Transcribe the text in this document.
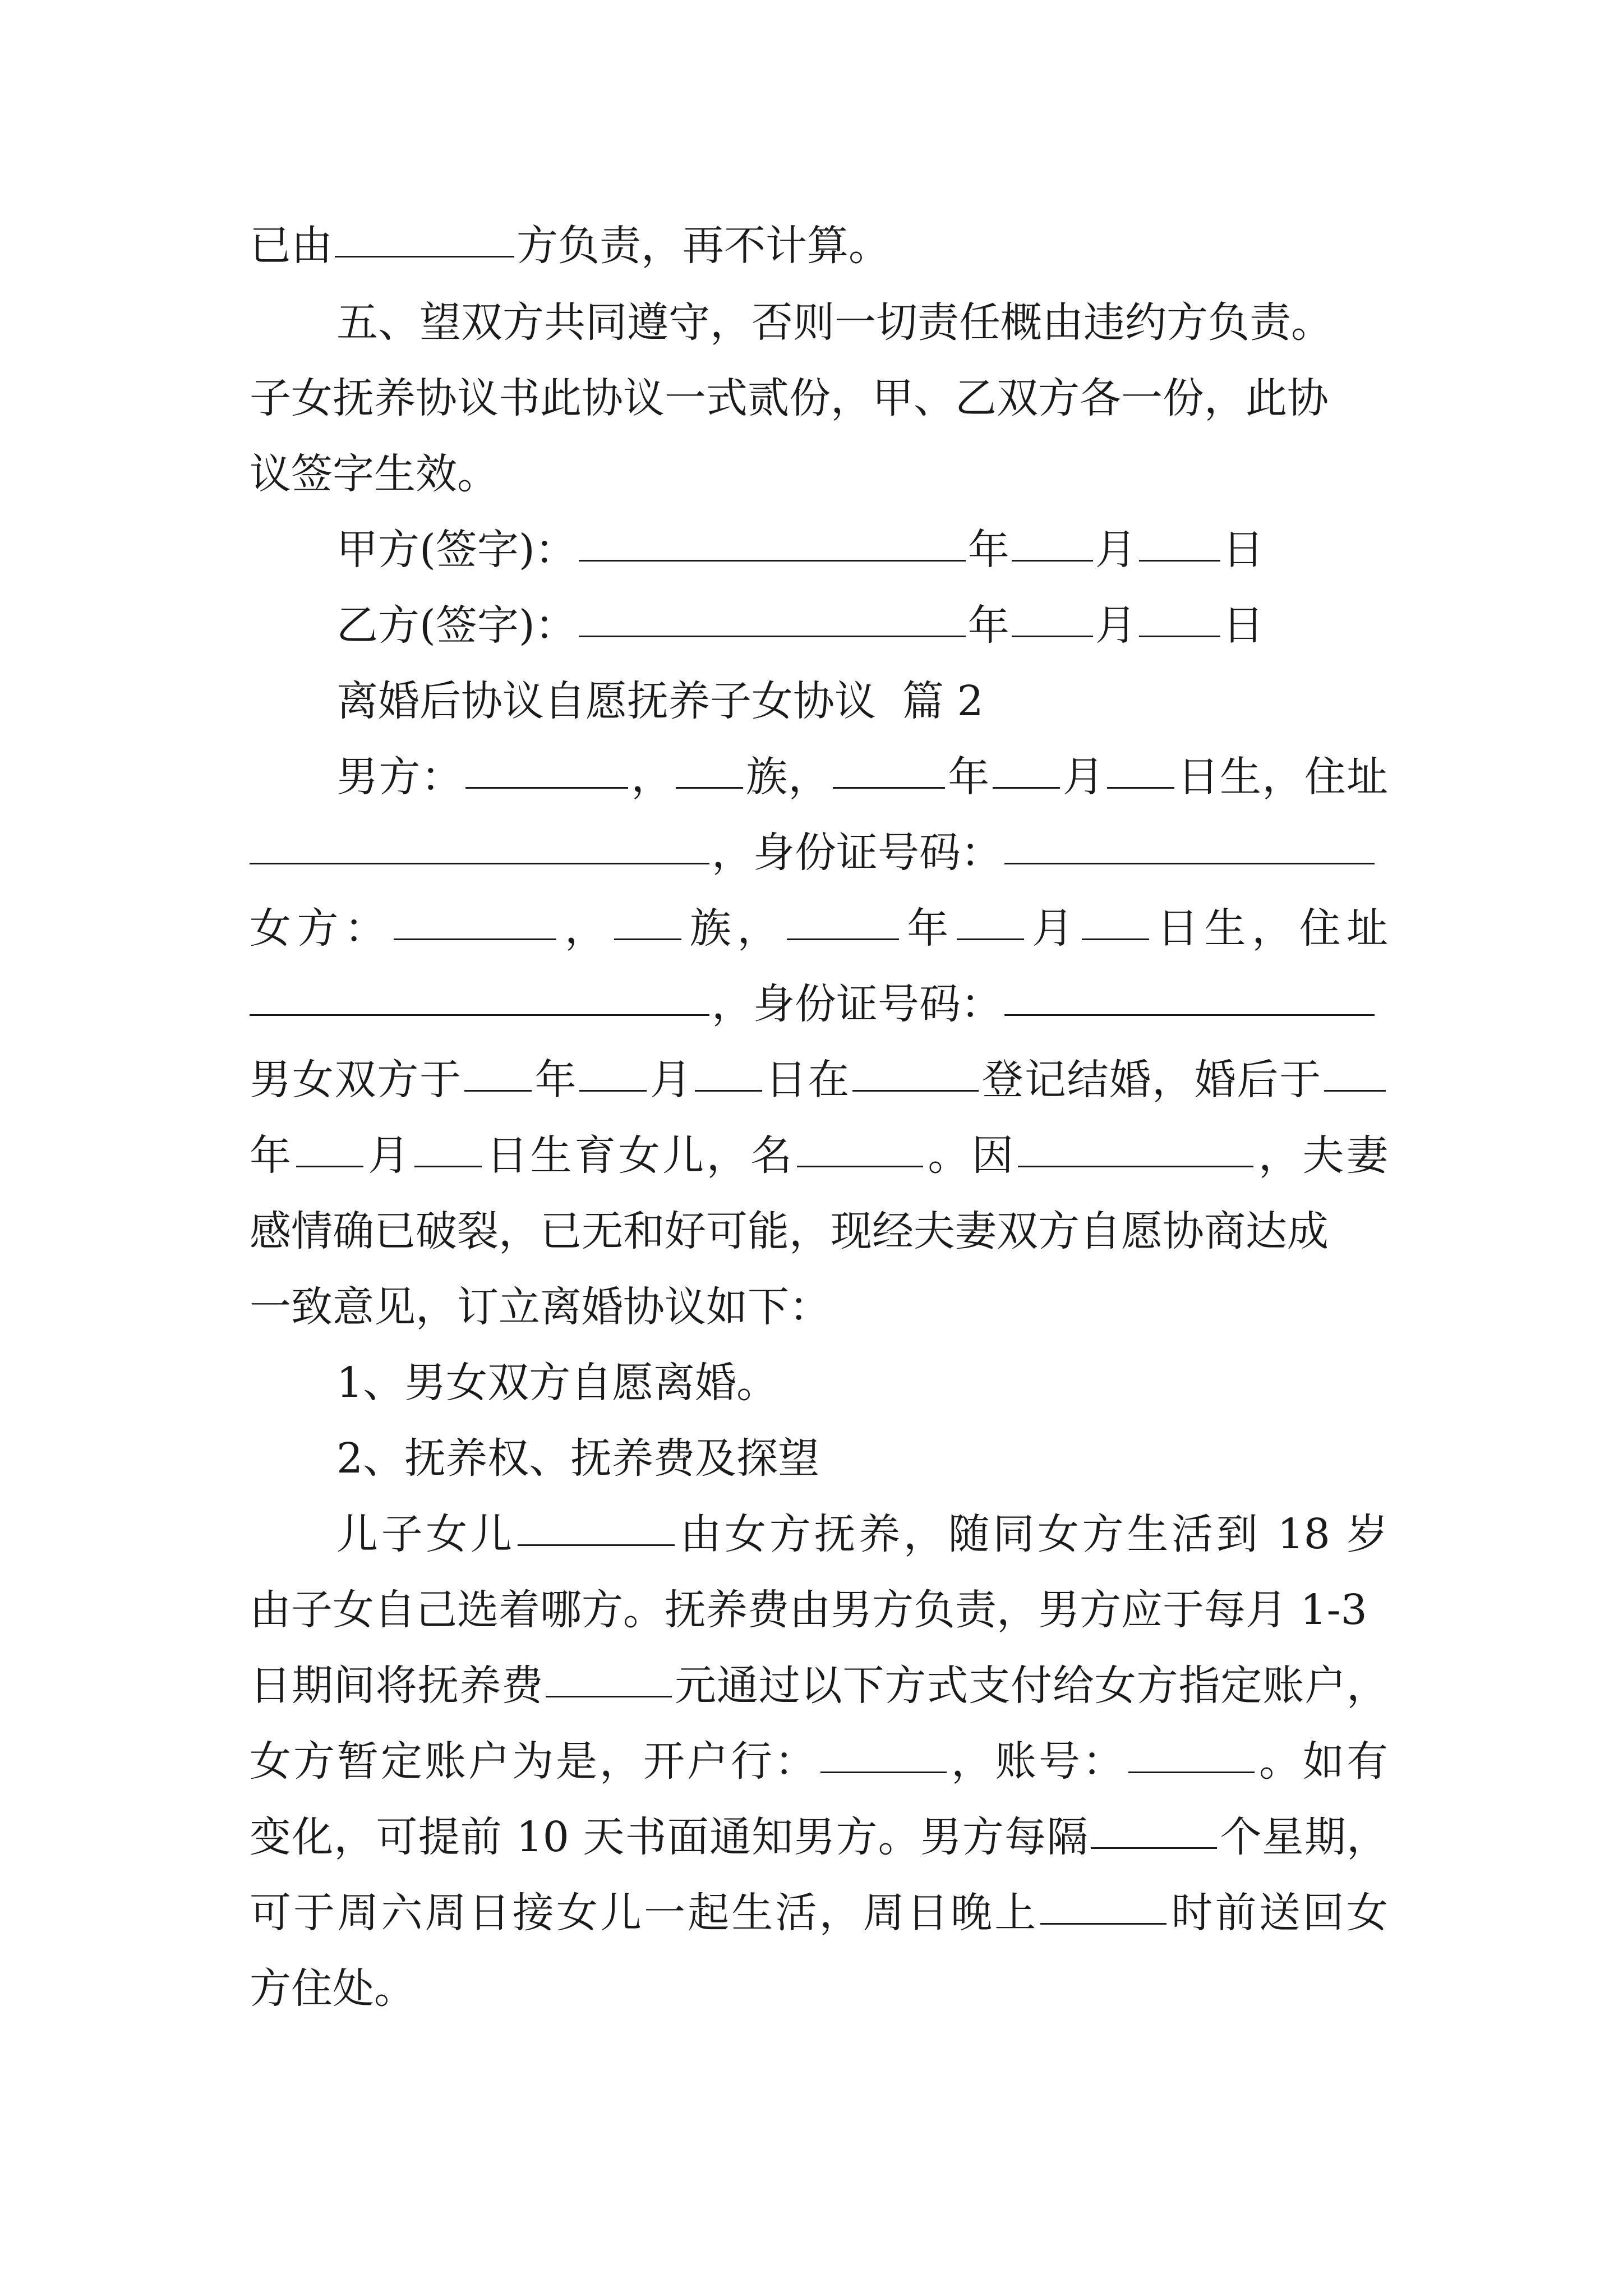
已由	方负责，再不计算。
五、望双方共同遵守，否则一切责任概由违约方负责。
子女抚养协议书此协议一式贰份，甲、乙双方各一份，此协
议签字生效。
甲方(签字)：	年 月 日
乙方(签字)：	年 月 日
离婚后协议自愿抚养子女协议  篇 2
男方：	， 族，	年 月 日生，住址
，身份证号码：
女方：	， 族，	年 月 日生，住址
，身份证号码：
男女双方于 年 月 日在	登记结婚，婚后于
年 月 日生育女儿，名	。因	，夫妻
感情确已破裂，已无和好可能，现经夫妻双方自愿协商达成
一致意见，订立离婚协议如下：
1、男女双方自愿离婚。
2、抚养权、抚养费及探望
儿子女儿	由女方抚养，随同女方生活到 18 岁
由子女自己选着哪方。抚养费由男方负责，男方应于每月 1-3
日期间将抚养费	元通过以下方式支付给女方指定账户，
女方暂定账户为是，开户行：	，账号：	。如有
变化，可提前 10 天书面通知男方。男方每隔	个星期，
可于周六周日接女儿一起生活，周日晚上	时前送回女
方住处。
